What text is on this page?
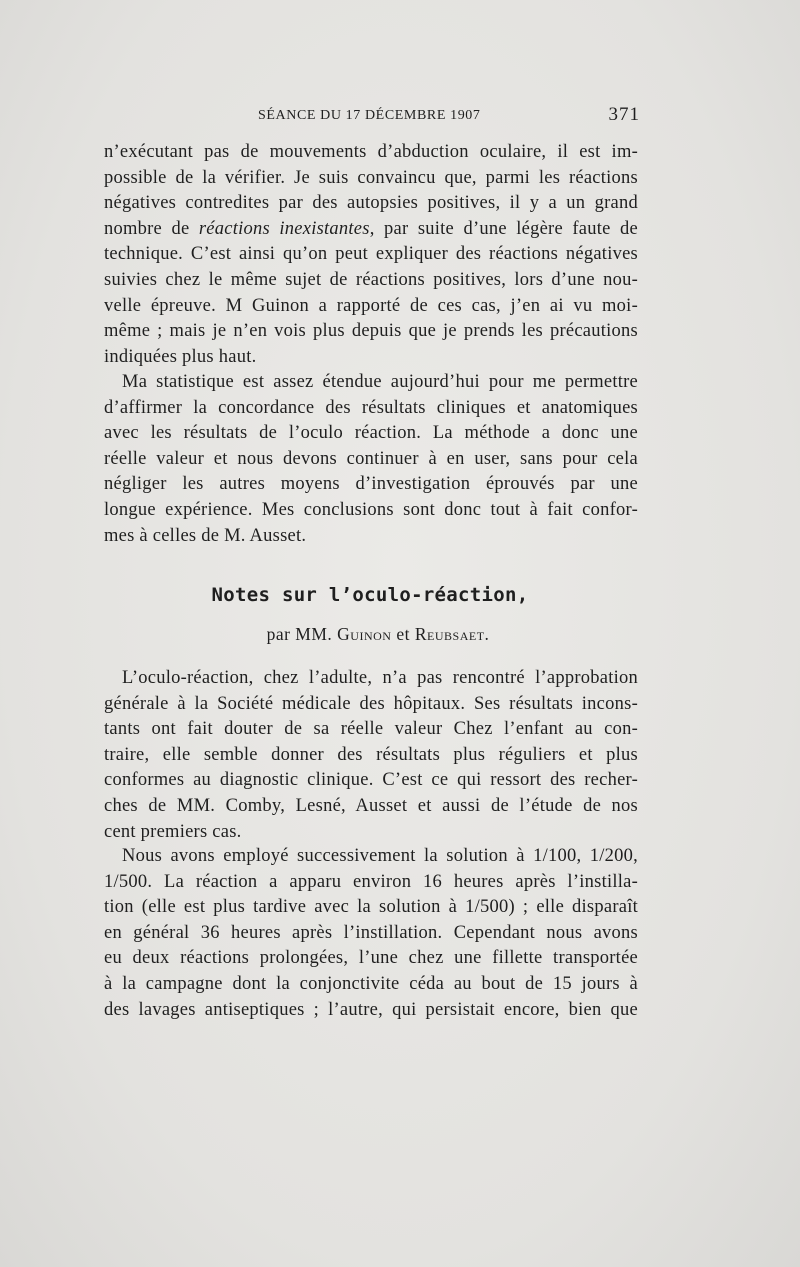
SÉANCE DU 17 DÉCEMBRE 1907	371
n’exécutant pas de mouvements d’abduction oculaire, il est im-
possible de la vérifier. Je suis convaincu que, parmi les réactions
négatives contredites par des autopsies positives, il y a un grand
nombre de réactions inexistantes, par suite d’une légère faute de
technique. C’est ainsi qu’on peut expliquer des réactions négatives
suivies chez le même sujet de réactions positives, lors d’une nou-
velle épreuve. M Guinon a rapporté de ces cas, j’en ai vu moi-
même ; mais je n’en vois plus depuis que je prends les précautions
indiquées plus haut.
Ma statistique est assez étendue aujourd’hui pour me permettre
d’affirmer la concordance des résultats cliniques et anatomiques
avec les résultats de l’oculo réaction. La méthode a donc une
réelle valeur et nous devons continuer à en user, sans pour cela
négliger les autres moyens d’investigation éprouvés par une
longue expérience. Mes conclusions sont donc tout à fait confor-
mes à celles de M. Ausset.
Notes sur l’oculo-réaction,
par MM. Guinon et Reubsaet.
L’oculo-réaction, chez l’adulte, n’a pas rencontré l’approbation
générale à la Société médicale des hôpitaux. Ses résultats incons-
tants ont fait douter de sa réelle valeur Chez l’enfant au con-
traire, elle semble donner des résultats plus réguliers et plus
conformes au diagnostic clinique. C’est ce qui ressort des recher-
ches de MM. Comby, Lesné, Ausset et aussi de l’étude de nos
cent premiers cas.
Nous avons employé successivement la solution à 1/100, 1/200,
1/500. La réaction a apparu environ 16 heures après l’instilla-
tion (elle est plus tardive avec la solution à 1/500) ; elle disparaît
en général 36 heures après l’instillation. Cependant nous avons
eu deux réactions prolongées, l’une chez une fillette transportée
à la campagne dont la conjonctivite céda au bout de 15 jours à
des lavages antiseptiques ; l’autre, qui persistait encore, bien que
